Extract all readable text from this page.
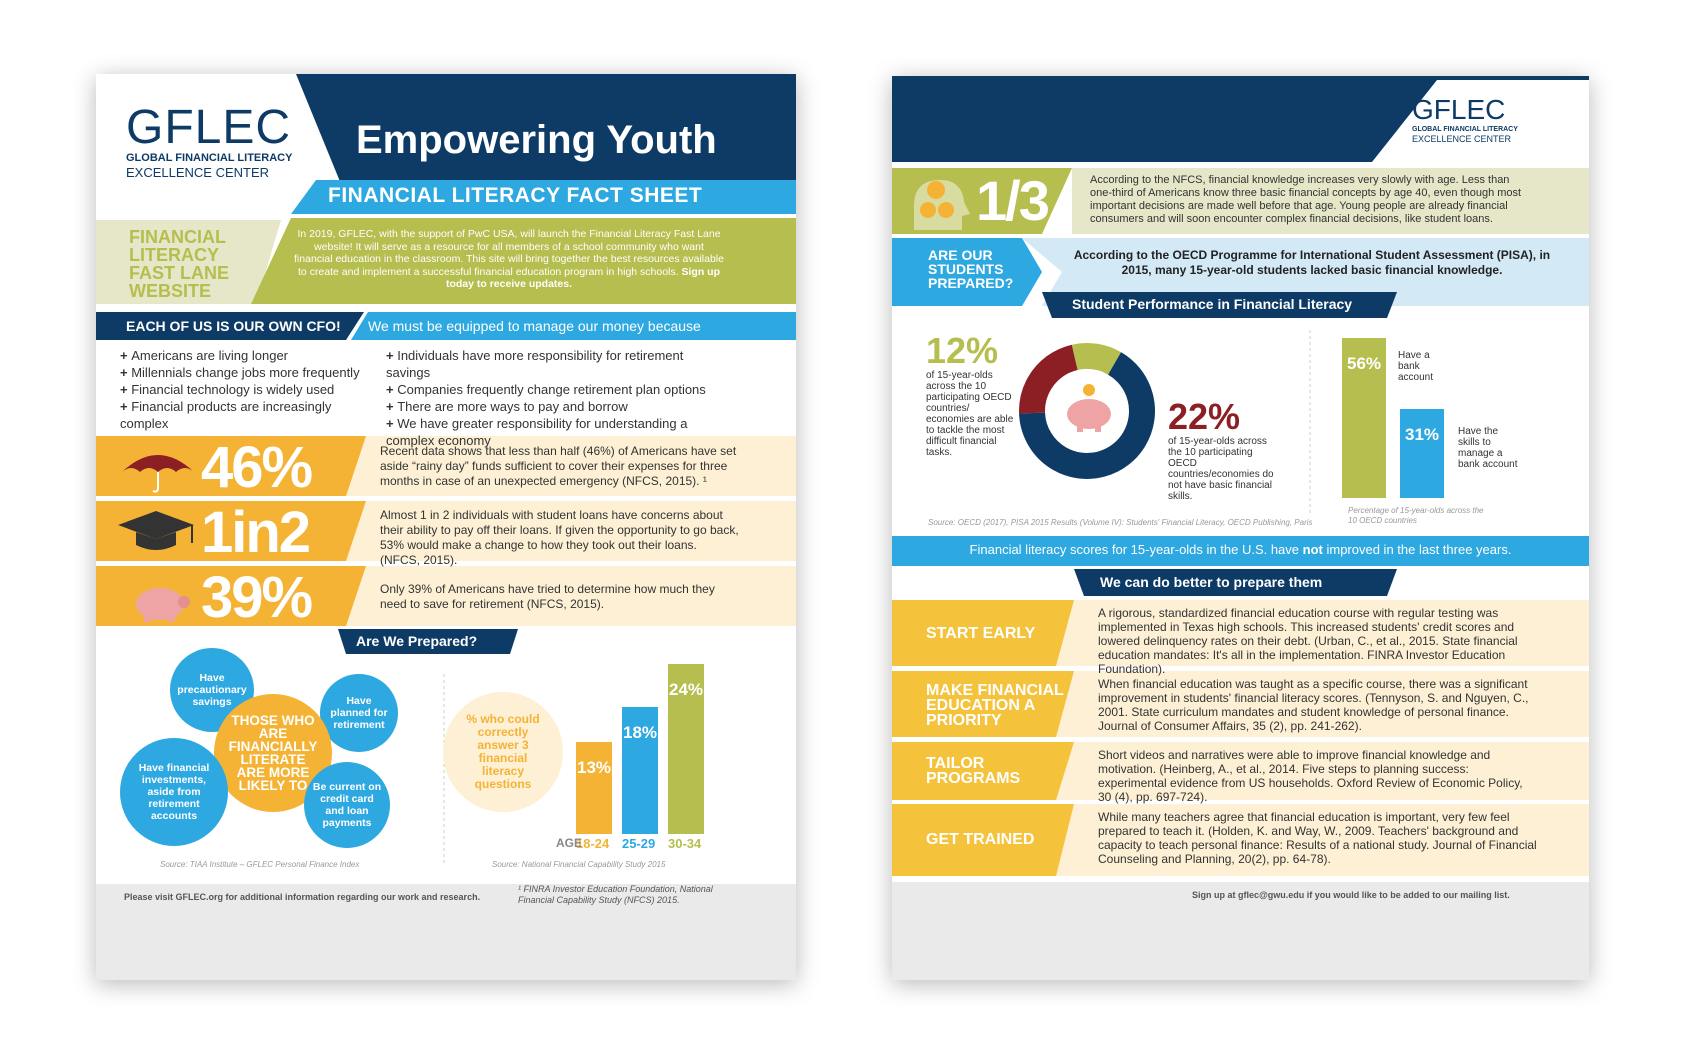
GFLEC
GLOBAL FINANCIAL LITERACY
EXCELLENCE CENTER
Empowering Youth
FINANCIAL LITERACY FACT SHEET
FINANCIAL LITERACY FAST LANE WEBSITE
In 2019, GFLEC, with the support of PwC USA, will launch the Financial Literacy Fast Lane website! It will serve as a resource for all members of a school community who want financial education in the classroom. This site will bring together the best resources available to create and implement a successful financial education program in high schools. Sign up today to receive updates.
EACH OF US IS OUR OWN CFO! We must be equipped to manage our money because
+ Americans are living longer
+ Millennials change jobs more frequently
+ Financial technology is widely used
+ Financial products are increasingly complex
+ Individuals have more responsibility for retirement savings
+ Companies frequently change retirement plan options
+ There are more ways to pay and borrow
+ We have greater responsibility for understanding a complex economy
46%	Recent data shows that less than half (46%) of Americans have set aside “rainy day” funds sufficient to cover their expenses for three months in case of an unexpected emergency (NFCS, 2015). ¹
1in2	Almost 1 in 2 individuals with student loans have concerns about their ability to pay off their loans. If given the opportunity to go back, 53% would make a change to how they took out their loans. (NFCS, 2015).
39%	Only 39% of Americans have tried to determine how much they need to save for retirement (NFCS, 2015).
Are We Prepared?
Have precautionary savings	Have planned for retirement
THOSE WHO ARE FINANCIALLY LITERATE ARE MORE LIKELY TO
Have financial investments, aside from retirement accounts
Be current on credit card and loan payments
Source: TIAA Institute – GFLEC Personal Finance Index
% who could correctly answer 3 financial literacy questions
13%
18-24
18%
25-29
24%
30-34
AGE
Source: National Financial Capability Study 2015
Please visit GFLEC.org for additional information regarding our work and research.
¹ FINRA Investor Education Foundation, National Financial Capability Study (NFCS) 2015.
GFLEC
GLOBAL FINANCIAL LITERACY
EXCELLENCE CENTER
1/3	According to the NFCS, financial knowledge increases very slowly with age. Less than one-third of Americans know three basic financial concepts by age 40, even though most important decisions are made well before that age. Young people are already financial consumers and will soon encounter complex financial decisions, like student loans.
ARE OUR STUDENTS PREPARED?
According to the OECD Programme for International Student Assessment (PISA), in 2015, many 15-year-old students lacked basic financial knowledge.
Student Performance in Financial Literacy
12%
of 15-year-olds across the 10 participating OECD countries/ economies are able to tackle the most difficult financial tasks.
22%
of 15-year-olds across the 10 participating OECD countries/economies do not have basic financial skills.
Source: OECD (2017), PISA 2015 Results (Volume IV): Students' Financial Literacy, OECD Publishing, Paris
56%
31%
Have a bank account
Have the skills to manage a bank account
Percentage of 15-year-olds across the 10 OECD countries
Financial literacy scores for 15-year-olds in the U.S. have not improved in the last three years.
We can do better to prepare them
START EARLY
A rigorous, standardized financial education course with regular testing was implemented in Texas high schools. This increased students' credit scores and lowered delinquency rates on their debt. (Urban, C., et al., 2015. State financial education mandates: It's all in the implementation. FINRA Investor Education Foundation).
MAKE FINANCIAL EDUCATION A PRIORITY
When financial education was taught as a specific course, there was a significant improvement in students' financial literacy scores. (Tennyson, S. and Nguyen, C., 2001. State curriculum mandates and student knowledge of personal finance. Journal of Consumer Affairs, 35 (2), pp. 241-262).
TAILOR PROGRAMS
Short videos and narratives were able to improve financial knowledge and motivation. (Heinberg, A., et al., 2014. Five steps to planning success: experimental evidence from US households. Oxford Review of Economic Policy, 30 (4), pp. 697-724).
GET TRAINED
While many teachers agree that financial education is important, very few feel prepared to teach it. (Holden, K. and Way, W., 2009. Teachers' background and capacity to teach personal finance: Results of a national study. Journal of Financial Counseling and Planning, 20(2), pp. 64-78).
Sign up at gflec@gwu.edu if you would like to be added to our mailing list.
